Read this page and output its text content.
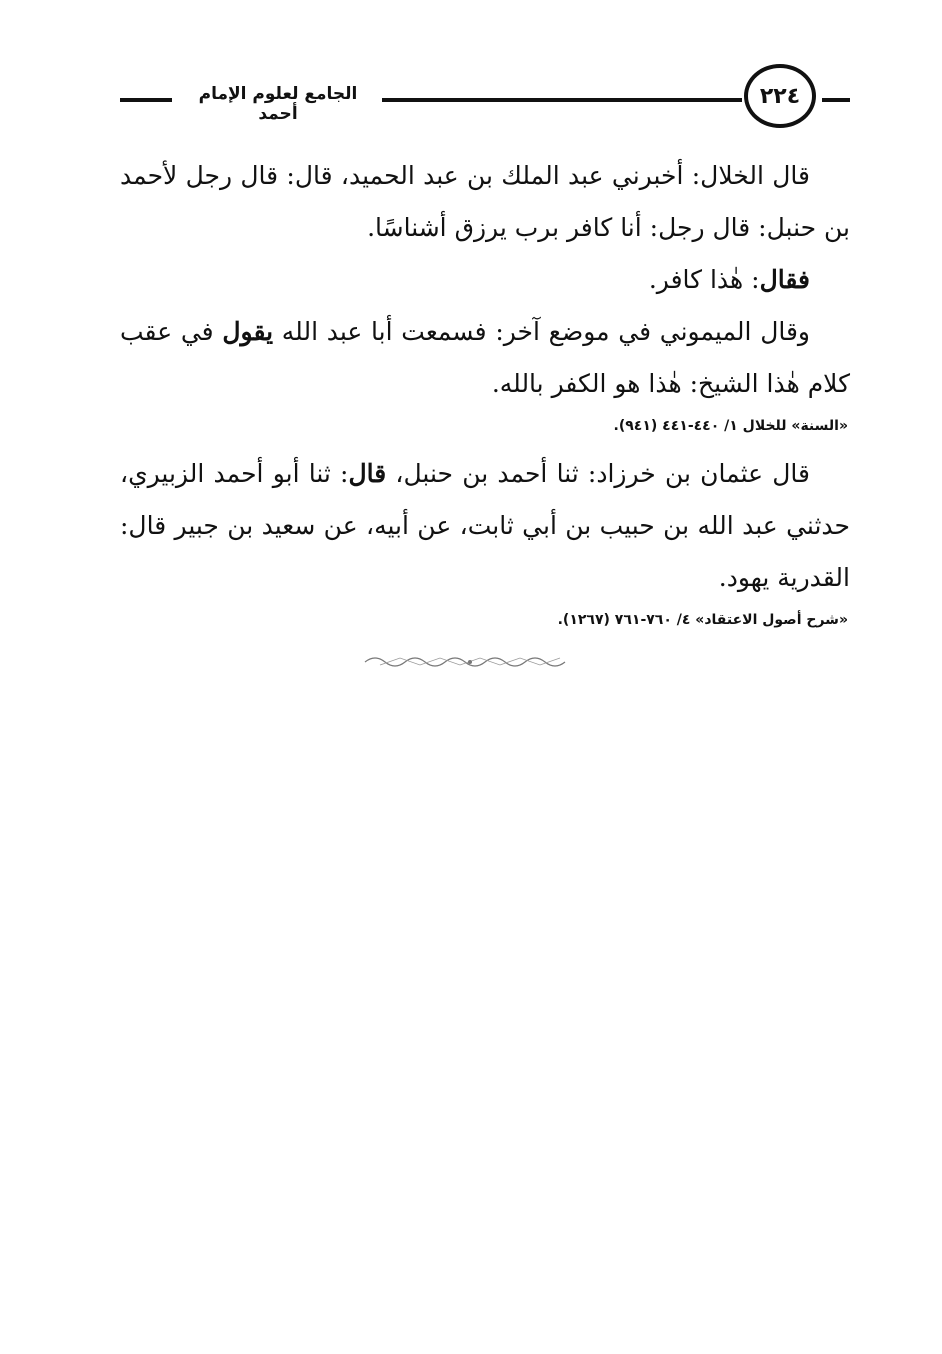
الجامع لعلوم الإمام أحمد
٢٢٤

قال الخلال: أخبرني عبد الملك بن عبد الحميد، قال: قال رجل لأحمد بن حنبل: قال رجل: أنا كافر برب يرزق أشناسًا.

فقال: هٰذا كافر.

وقال الميموني في موضع آخر: فسمعت أبا عبد الله يقول في عقب كلام هٰذا الشيخ: هٰذا هو الكفر بالله.

«السنة» للخلال ١/ ٤٤٠-٤٤١ (٩٤١).

قال عثمان بن خرزاد: ثنا أحمد بن حنبل، قال: ثنا أبو أحمد الزبيري، حدثني عبد الله بن حبيب بن أبي ثابت، عن أبيه، عن سعيد بن جبير قال: القدرية يهود.

«شرح أصول الاعتقاد» ٤/ ٧٦٠-٧٦١ (١٢٦٧).
